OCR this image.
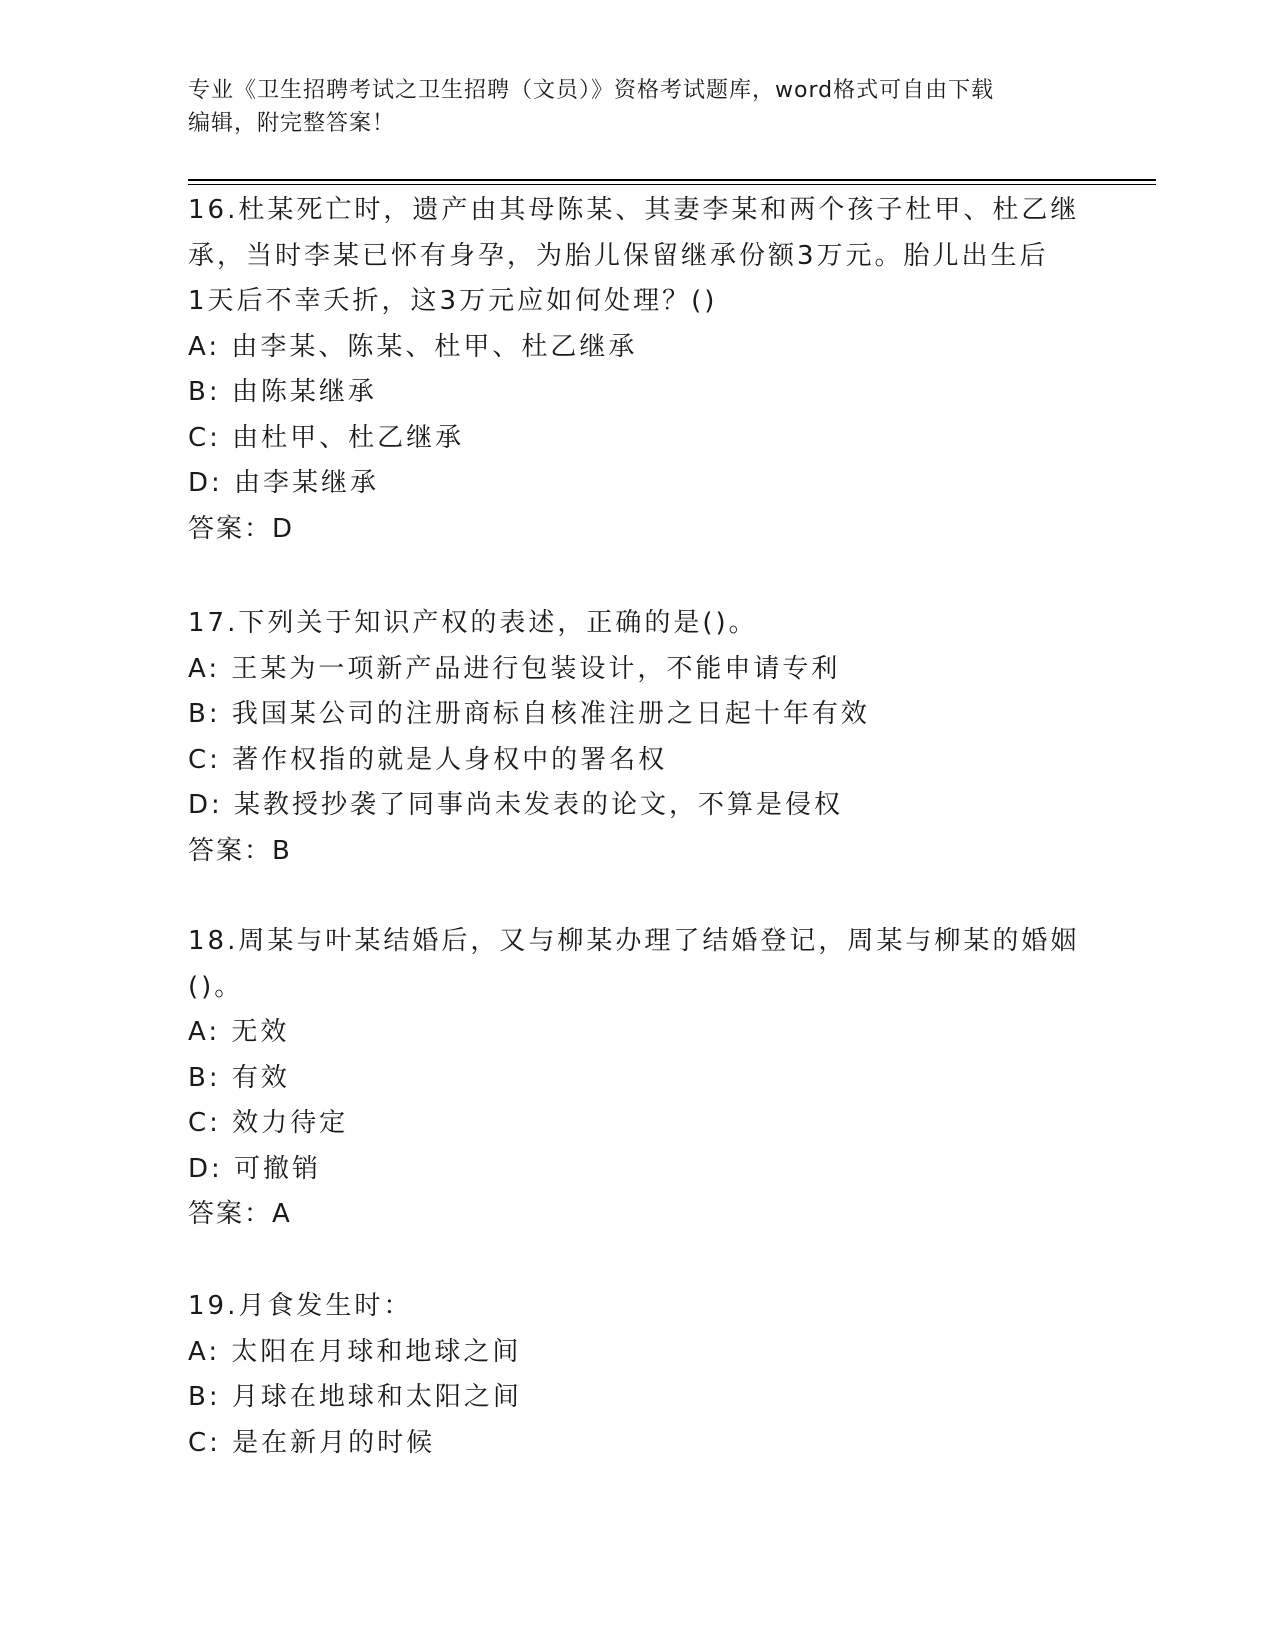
专业《卫生招聘考试之卫生招聘（文员）》资格考试题库，word格式可自由下载
编辑，附完整答案！
16.杜某死亡时，遗产由其母陈某、其妻李某和两个孩子杜甲、杜乙继
承，当时李某已怀有身孕，为胎儿保留继承份额3万元。胎儿出生后
1天后不幸夭折，这3万元应如何处理？()
A: 由李某、陈某、杜甲、杜乙继承
B: 由陈某继承
C: 由杜甲、杜乙继承
D: 由李某继承
答案：D
17.下列关于知识产权的表述，正确的是()。
A: 王某为一项新产品进行包装设计，不能申请专利
B: 我国某公司的注册商标自核准注册之日起十年有效
C: 著作权指的就是人身权中的署名权
D: 某教授抄袭了同事尚未发表的论文，不算是侵权
答案：B
18.周某与叶某结婚后，又与柳某办理了结婚登记，周某与柳某的婚姻
()。
A: 无效
B: 有效
C: 效力待定
D: 可撤销
答案：A
19.月食发生时：
A: 太阳在月球和地球之间
B: 月球在地球和太阳之间
C: 是在新月的时候
